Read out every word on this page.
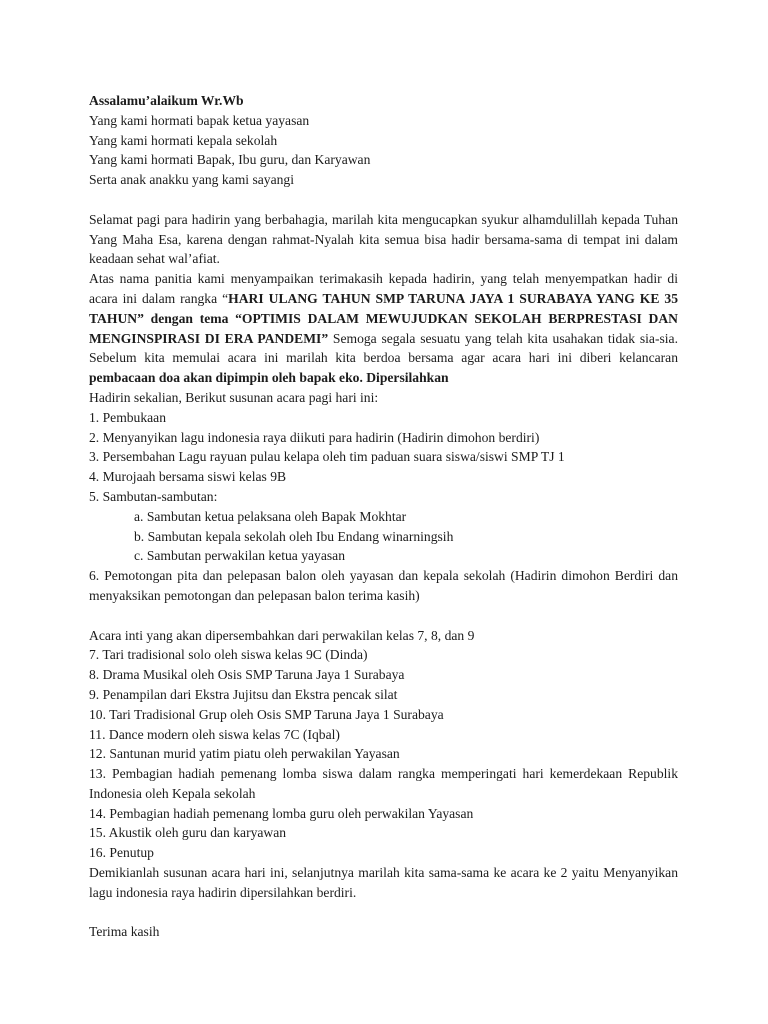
Assalamu’alaikum Wr.Wb
Yang kami hormati bapak ketua yayasan
Yang kami hormati kepala sekolah
Yang kami hormati Bapak, Ibu guru, dan Karyawan
Serta anak anakku yang kami sayangi

Selamat pagi para hadirin yang berbahagia, marilah kita mengucapkan syukur alhamdulillah kepada Tuhan Yang Maha Esa, karena dengan rahmat-Nyalah kita semua bisa hadir bersama-sama di tempat ini dalam keadaan sehat wal’afiat.

Atas nama panitia kami menyampaikan terimakasih kepada hadirin, yang telah menyempatkan hadir di acara ini dalam rangka “HARI ULANG TAHUN SMP TARUNA JAYA 1 SURABAYA YANG KE 35 TAHUN” dengan tema “OPTIMIS DALAM MEWUJUDKAN SEKOLAH BERPRESTASI DAN MENGINSPIRASI DI ERA PANDEMI” Semoga segala sesuatu yang telah kita usahakan tidak sia-sia. Sebelum kita memulai acara ini marilah kita berdoa bersama agar acara hari ini diberi kelancaran pembacaan doa akan dipimpin oleh bapak eko. Dipersilahkan

Hadirin sekalian, Berikut susunan acara pagi hari ini:
1. Pembukaan
2. Menyanyikan lagu indonesia raya diikuti para hadirin (Hadirin dimohon berdiri)
3. Persembahan Lagu rayuan pulau kelapa oleh tim paduan suara siswa/siswi SMP TJ 1
4. Murojaah bersama siswi kelas 9B
5. Sambutan-sambutan:
a. Sambutan ketua pelaksana oleh Bapak Mokhtar
b. Sambutan kepala sekolah oleh Ibu Endang winarningsih
c. Sambutan perwakilan ketua yayasan

6. Pemotongan pita dan pelepasan balon oleh yayasan dan kepala sekolah (Hadirin dimohon Berdiri dan menyaksikan pemotongan dan pelepasan balon terima kasih)

Acara inti yang akan dipersembahkan dari perwakilan kelas 7, 8, dan 9
7. Tari tradisional solo oleh siswa kelas 9C (Dinda)
8. Drama Musikal oleh Osis SMP Taruna Jaya 1 Surabaya
9. Penampilan dari Ekstra Jujitsu dan Ekstra pencak silat
10. Tari Tradisional Grup oleh Osis SMP Taruna Jaya 1 Surabaya
11. Dance modern oleh siswa kelas 7C (Iqbal)
12. Santunan murid yatim piatu oleh perwakilan Yayasan

13. Pembagian hadiah pemenang lomba siswa dalam rangka memperingati hari kemerdekaan Republik Indonesia oleh Kepala sekolah

14. Pembagian hadiah pemenang lomba guru oleh perwakilan Yayasan
15. Akustik oleh guru dan karyawan
16. Penutup

Demikianlah susunan acara hari ini, selanjutnya marilah kita sama-sama ke acara ke 2 yaitu Menyanyikan lagu indonesia raya hadirin dipersilahkan berdiri.

Terima kasih
